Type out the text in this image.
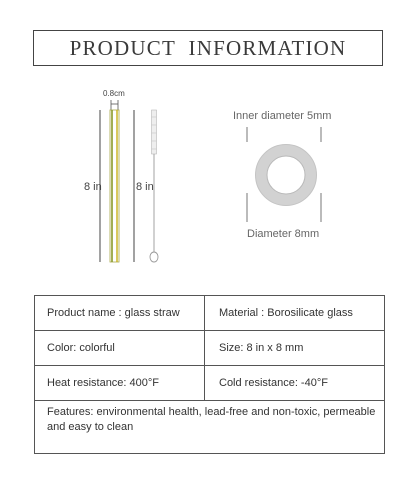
PRODUCT  INFORMATION
0.8cm
8 in	8 in
Inner diameter 5mm
Diameter 8mm
Product name : glass straw	Material : Borosilicate glass
Color: colorful	Size: 8 in x 8 mm
Heat resistance: 400°F	Cold resistance: -40°F
Features: environmental health, lead-free and non-toxic, permeable and easy to clean	
